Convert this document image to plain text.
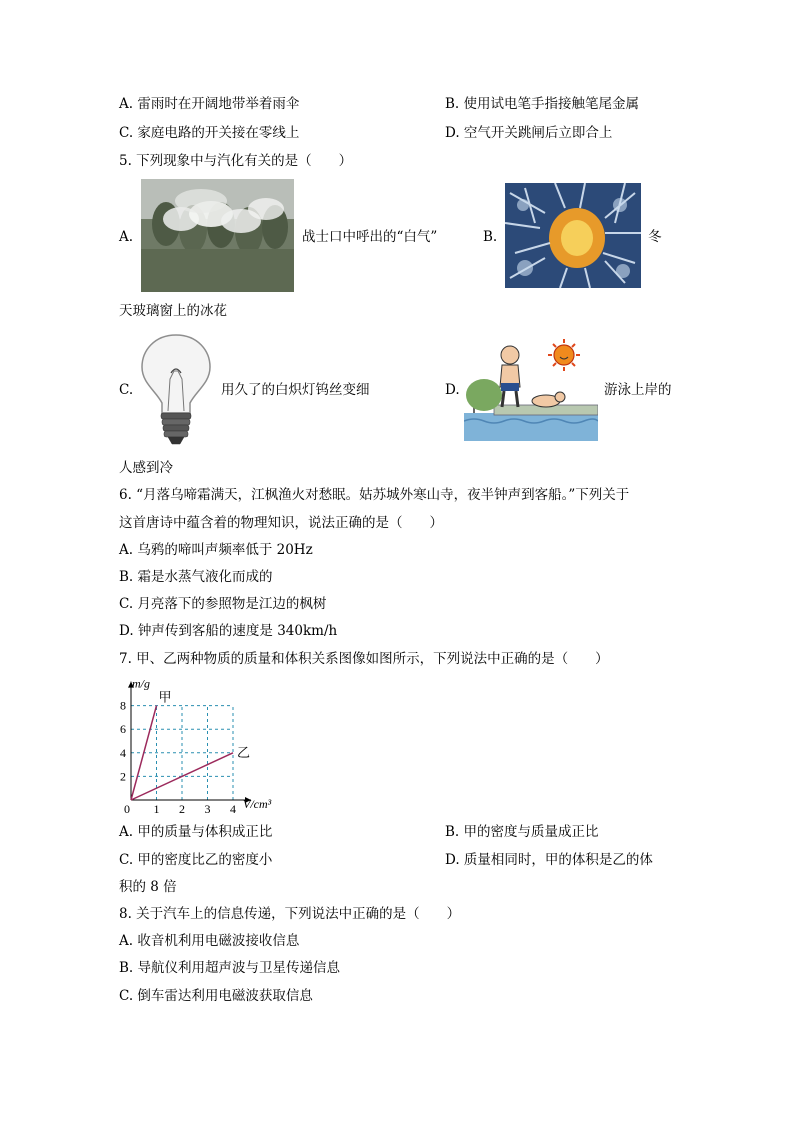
A. 雷雨时在开阔地带举着雨伞	B. 使用试电笔手指接触笔尾金属
C. 家庭电路的开关接在零线上	D. 空气开关跳闸后立即合上
5. 下列现象中与汽化有关的是（　　）
A.	战士口中呼出的“白气”	B.	冬
天玻璃窗上的冰花
C.	用久了的白炽灯钨丝变细	D.	游泳上岸的
人感到冷
6. “月落乌啼霜满天，江枫渔火对愁眠。姑苏城外寒山寺，夜半钟声到客船。”下列关于
这首唐诗中蕴含着的物理知识，说法正确的是（　　）
A. 乌鸦的啼叫声频率低于 20Hz
B. 霜是水蒸气液化而成的
C. 月亮落下的参照物是江边的枫树
D. 钟声传到客船的速度是 340km/h
7. 甲、乙两种物质的质量和体积关系图像如图所示，下列说法中正确的是（　　）
0 1 2 3 4
2
4
6
8
m/g
V/cm³
甲
乙
A. 甲的质量与体积成正比	B. 甲的密度与质量成正比
C. 甲的密度比乙的密度小	D. 质量相同时，甲的体积是乙的体
积的 8 倍
8. 关于汽车上的信息传递，下列说法中正确的是（　　）
A. 收音机利用电磁波接收信息
B. 导航仪利用超声波与卫星传递信息
C. 倒车雷达利用电磁波获取信息
